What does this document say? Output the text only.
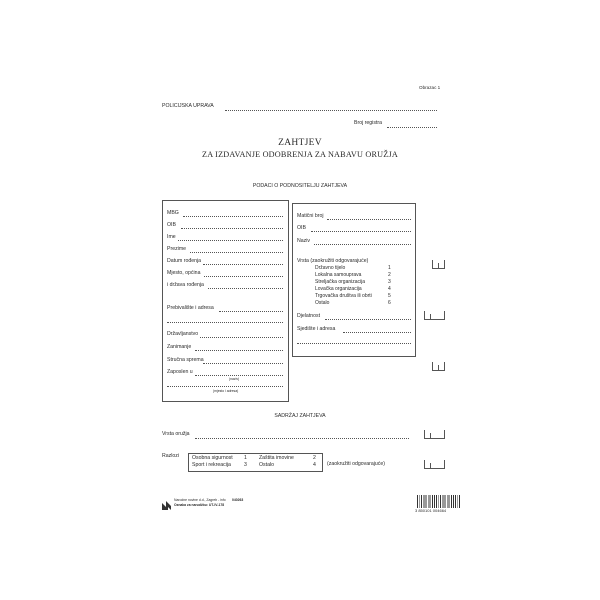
Obrazac 1
POLICIJSKA UPRAVA
Broj registra
ZAHTJEV
ZA IZDAVANJE ODOBRENJA ZA NABAVU ORUŽJA
PODACI O PODNOSITELJU ZAHTJEVA
MBG
OIB
Ime
Prezime
Datum rođenja
Mjesto, općina
i država rođenja
Prebivalište i adresa
Državljanstvo
Zanimanje
Stručna sprema
Zaposlen u
(naziv)
(mjesto i adresa)
Matični broj
OIB
Naziv
Vrsta (zaokružiti odgovarajuće)
Državno tijelo	1
Lokalna samouprava	2
Streljačka organizacija	3
Lovačka organizacija	4
Trgovačka društva ili obrti	5
Ostalo	6
Djelatnost
Sjedište i adresa
SADRŽAJ ZAHTJEVA
Vrsta oružja
Razlozi Osobna sigurnost 1 Zaštita imovine	2
Sport i rekreacija	3 Ostalo	4 (zaokružiti odgovarajuće)
Narodne novine d.d., Zagreb - info
Oznaka za narudžbu: UT-IV-178
040263
3 850101 004664
